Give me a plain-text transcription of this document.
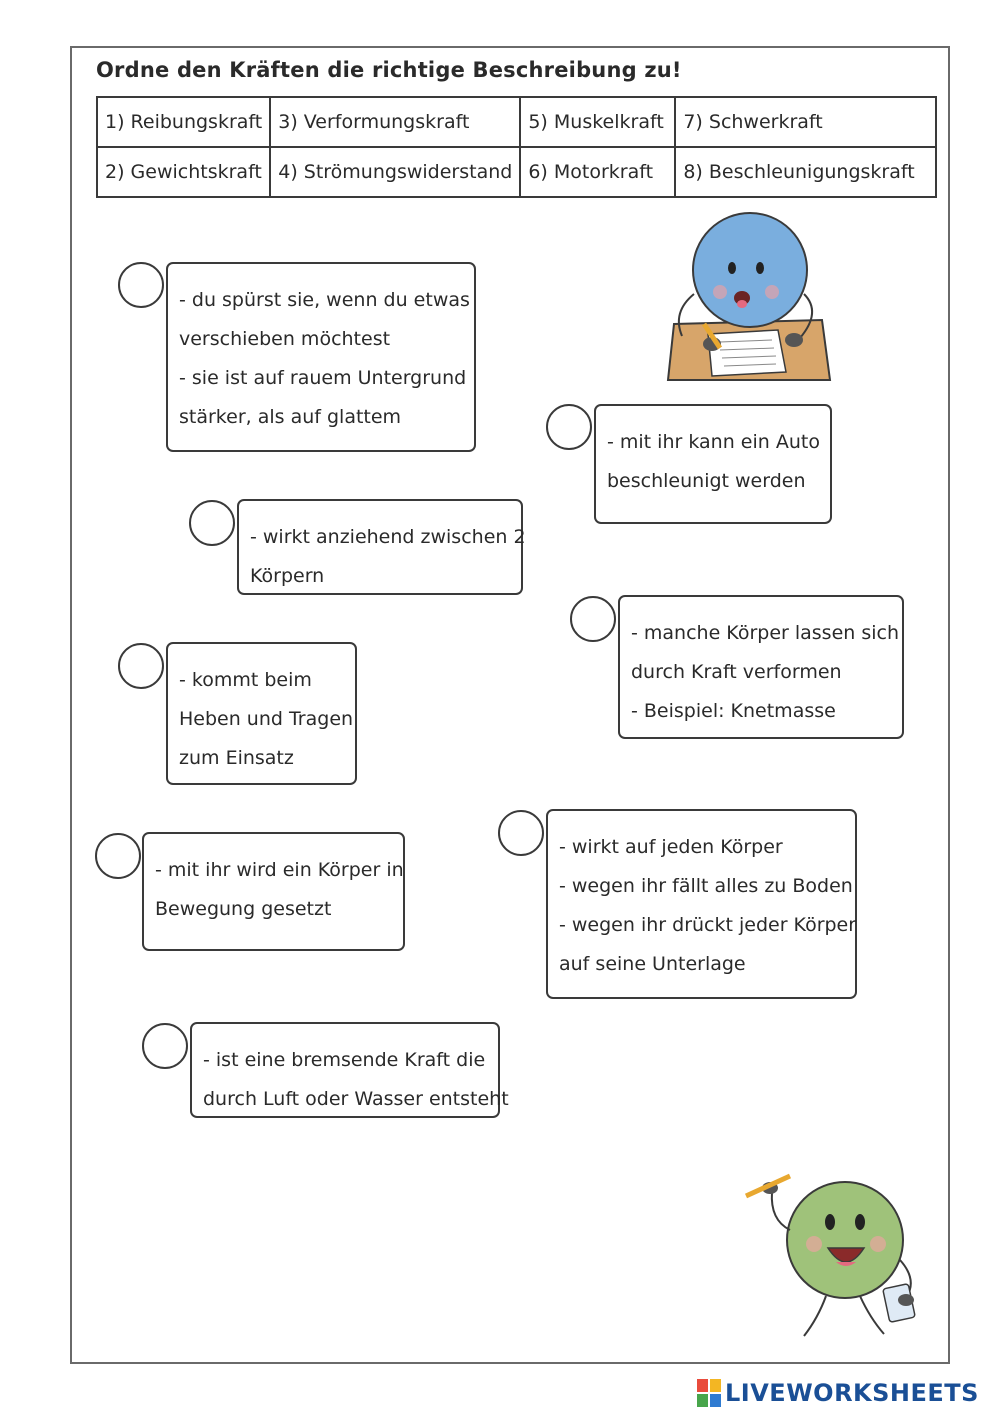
Ordne den Kräften die richtige Beschreibung zu!
1) Reibungskraft	3) Verformungskraft	5) Muskelkraft	7) Schwerkraft
2) Gewichtskraft	4) Strömungswiderstand	6) Motorkraft	8) Beschleunigungskraft
- du spürst sie, wenn du etwas
verschieben möchtest
- sie ist auf rauem Untergrund
stärker, als auf glattem
- mit ihr kann ein Auto
beschleunigt werden
- wirkt anziehend zwischen 2
Körpern
- manche Körper lassen sich
durch Kraft verformen
- Beispiel: Knetmasse
- kommt beim
Heben und Tragen
zum Einsatz
- mit ihr wird ein Körper in
Bewegung gesetzt
- wirkt auf jeden Körper
- wegen ihr fällt alles zu Boden
- wegen ihr drückt jeder Körper
auf seine Unterlage
- ist eine bremsende Kraft die
durch Luft oder Wasser entsteht
LIVEWORKSHEETS
